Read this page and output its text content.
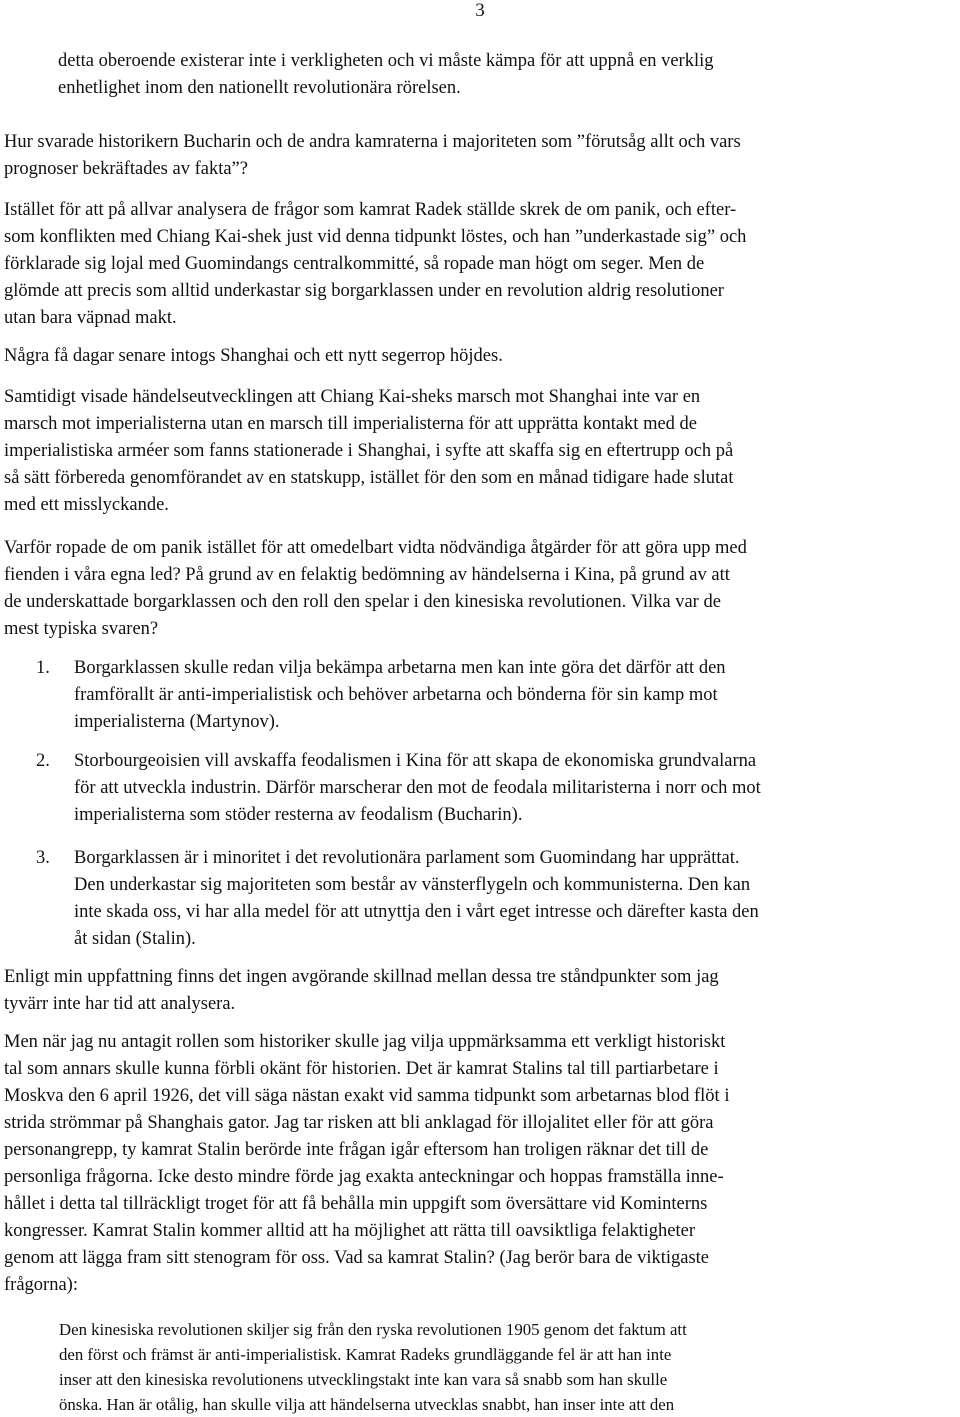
3
detta oberoende existerar inte i verkligheten och vi måste kämpa för att uppnå en verklig
enhetlighet inom den nationellt revolutionära rörelsen.
Hur svarade historikern Bucharin och de andra kamraterna i majoriteten som ”förutsåg allt och vars
prognoser bekräftades av fakta”?
Istället för att på allvar analysera de frågor som kamrat Radek ställde skrek de om panik, och efter-
som konflikten med Chiang Kai-shek just vid denna tidpunkt löstes, och han ”underkastade sig” och
förklarade sig lojal med Guomindangs centralkommitté, så ropade man högt om seger. Men de
glömde att precis som alltid underkastar sig borgarklassen under en revolution aldrig resolutioner
utan bara väpnad makt.
Några få dagar senare intogs Shanghai och ett nytt segerrop höjdes.
Samtidigt visade händelseutvecklingen att Chiang Kai-sheks marsch mot Shanghai inte var en
marsch mot imperialisterna utan en marsch till imperialisterna för att upprätta kontakt med de
imperialistiska arméer som fanns stationerade i Shanghai, i syfte att skaffa sig en eftertrupp och på
så sätt förbereda genomförandet av en statskupp, istället för den som en månad tidigare hade slutat
med ett misslyckande.
Varför ropade de om panik istället för att omedelbart vidta nödvändiga åtgärder för att göra upp med
fienden i våra egna led? På grund av en felaktig bedömning av händelserna i Kina, på grund av att
de underskattade borgarklassen och den roll den spelar i den kinesiska revolutionen. Vilka var de
mest typiska svaren?
1. Borgarklassen skulle redan vilja bekämpa arbetarna men kan inte göra det därför att den
framförallt är anti-imperialistisk och behöver arbetarna och bönderna för sin kamp mot
imperialisterna (Martynov).
2. Storbourgeoisien vill avskaffa feodalismen i Kina för att skapa de ekonomiska grundvalarna
för att utveckla industrin. Därför marscherar den mot de feodala militaristerna i norr och mot
imperialisterna som stöder resterna av feodalism (Bucharin).
3. Borgarklassen är i minoritet i det revolutionära parlament som Guomindang har upprättat.
Den underkastar sig majoriteten som består av vänsterflygeln och kommunisterna. Den kan
inte skada oss, vi har alla medel för att utnyttja den i vårt eget intresse och därefter kasta den
åt sidan (Stalin).
Enligt min uppfattning finns det ingen avgörande skillnad mellan dessa tre ståndpunkter som jag
tyvärr inte har tid att analysera.
Men när jag nu antagit rollen som historiker skulle jag vilja uppmärksamma ett verkligt historiskt
tal som annars skulle kunna förbli okänt för historien. Det är kamrat Stalins tal till partiarbetare i
Moskva den 6 april 1926, det vill säga nästan exakt vid samma tidpunkt som arbetarnas blod flöt i
strida strömmar på Shanghais gator. Jag tar risken att bli anklagad för illojalitet eller för att göra
personangrepp, ty kamrat Stalin berörde inte frågan igår eftersom han troligen räknar det till de
personliga frågorna. Icke desto mindre förde jag exakta anteckningar och hoppas framställa inne-
hållet i detta tal tillräckligt troget för att få behålla min uppgift som översättare vid Kominterns
kongresser. Kamrat Stalin kommer alltid att ha möjlighet att rätta till oavsiktliga felaktigheter
genom att lägga fram sitt stenogram för oss. Vad sa kamrat Stalin? (Jag berör bara de viktigaste
frågorna):
Den kinesiska revolutionen skiljer sig från den ryska revolutionen 1905 genom det faktum att
den först och främst är anti-imperialistisk. Kamrat Radeks grundläggande fel är att han inte
inser att den kinesiska revolutionens utvecklingstakt inte kan vara så snabb som han skulle
önska. Han är otålig, han skulle vilja att händelserna utvecklas snabbt, han inser inte att den
